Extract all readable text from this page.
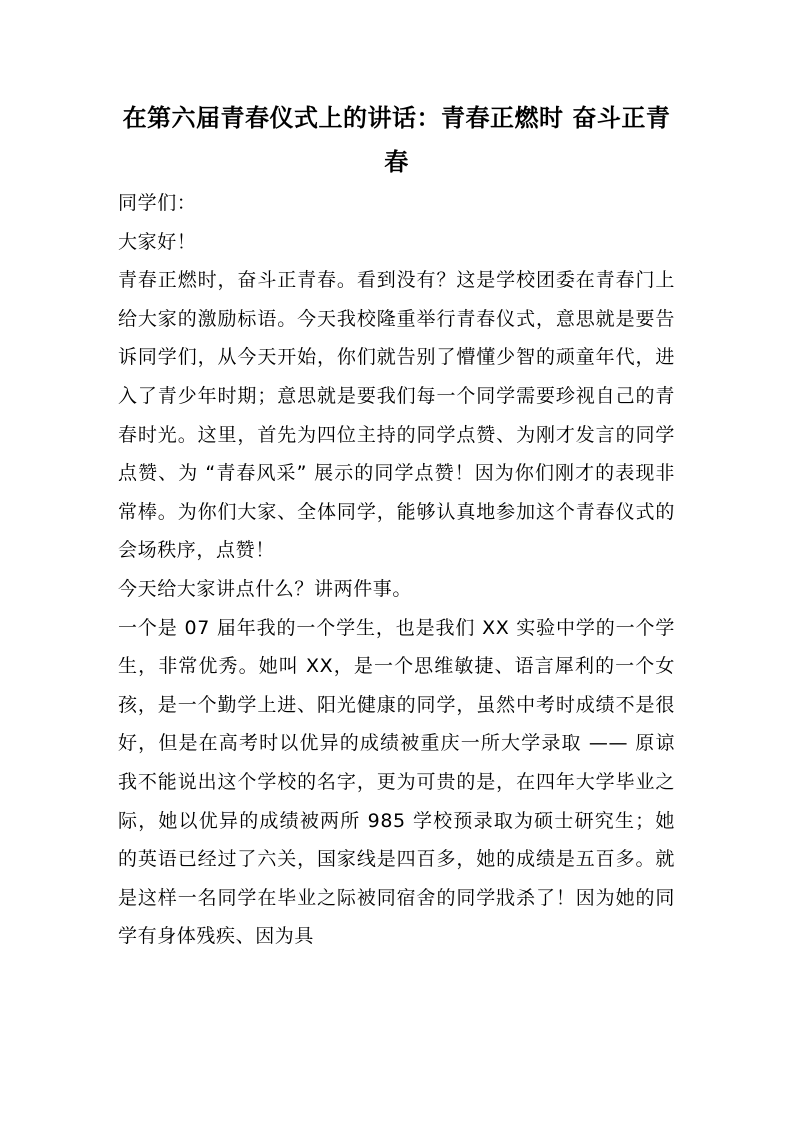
在第六届青春仪式上的讲话：青春正燃时 奋斗正青春

同学们：

大家好！

青春正燃时，奋斗正青春。看到没有？这是学校团委在青春门上给大家的激励标语。今天我校隆重举行青春仪式，意思就是要告诉同学们，从今天开始，你们就告别了懵懂少智的顽童年代，进入了青少年时期；意思就是要我们每一个同学需要珍视自己的青春时光。这里，首先为四位主持的同学点赞、为刚才发言的同学点赞、为 “青春风采” 展示的同学点赞！因为你们刚才的表现非常棒。为你们大家、全体同学，能够认真地参加这个青春仪式的会场秩序，点赞！

今天给大家讲点什么？讲两件事。

一个是 07 届年我的一个学生，也是我们 XX 实验中学的一个学生，非常优秀。她叫 XX，是一个思维敏捷、语言犀利的一个女孩，是一个勤学上进、阳光健康的同学，虽然中考时成绩不是很好，但是在高考时以优异的成绩被重庆一所大学录取 —— 原谅我不能说出这个学校的名字，更为可贵的是，在四年大学毕业之际，她以优异的成绩被两所 985 学校预录取为硕士研究生；她的英语已经过了六关，国家线是四百多，她的成绩是五百多。就是这样一名同学在毕业之际被同宿舍的同学戕杀了！因为她的同学有身体残疾、因为具
